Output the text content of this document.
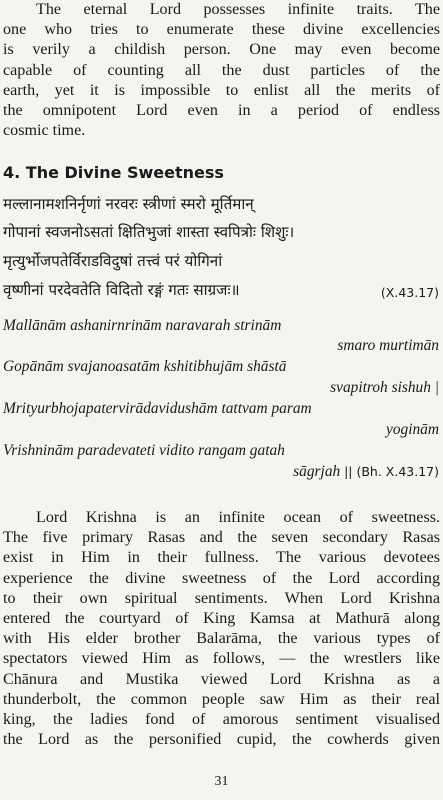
The eternal Lord possesses infinite traits. The
one who tries to enumerate these divine excellencies
is verily a childish person. One may even become
capable of counting all the dust particles of the
earth, yet it is impossible to enlist all the merits of
the omnipotent Lord even in a period of endless
cosmic time.
4. The Divine Sweetness
मल्लानामशनिर्नृणां नरवरः स्त्रीणां स्मरो मूर्तिमान्
गोपानां स्वजनोऽसतां क्षितिभुजां शास्ता स्वपित्रोः शिशुः।
मृत्युर्भोजपतेर्विराडविदुषां तत्त्वं परं योगिनां
वृष्णीनां परदेवतेति विदितो रङ्गं गतः साग्रजः॥	(X.43.17)
Mallānām ashanirnrinām naravarah strinām
smaro murtimān
Gopānām svajanoasatām kshitibhujām shāstā
svapitroh sishuh |
Mrityurbhojapatervirādavidushām tattvam param
yoginām
Vrishninām paradevateti vidito rangam gatah
sāgrjah || (Bh. X.43.17)
Lord Krishna is an infinite ocean of sweetness.
The five primary Rasas and the seven secondary Rasas
exist in Him in their fullness. The various devotees
experience the divine sweetness of the Lord according
to their own spiritual sentiments. When Lord Krishna
entered the courtyard of King Kamsa at Mathurā along
with His elder brother Balarāma, the various types of
spectators viewed Him as follows, — the wrestlers like
Chānura and Mustika viewed Lord Krishna as a
thunderbolt, the common people saw Him as their real
king, the ladies fond of amorous sentiment visualised
the Lord as the personified cupid, the cowherds given
31
